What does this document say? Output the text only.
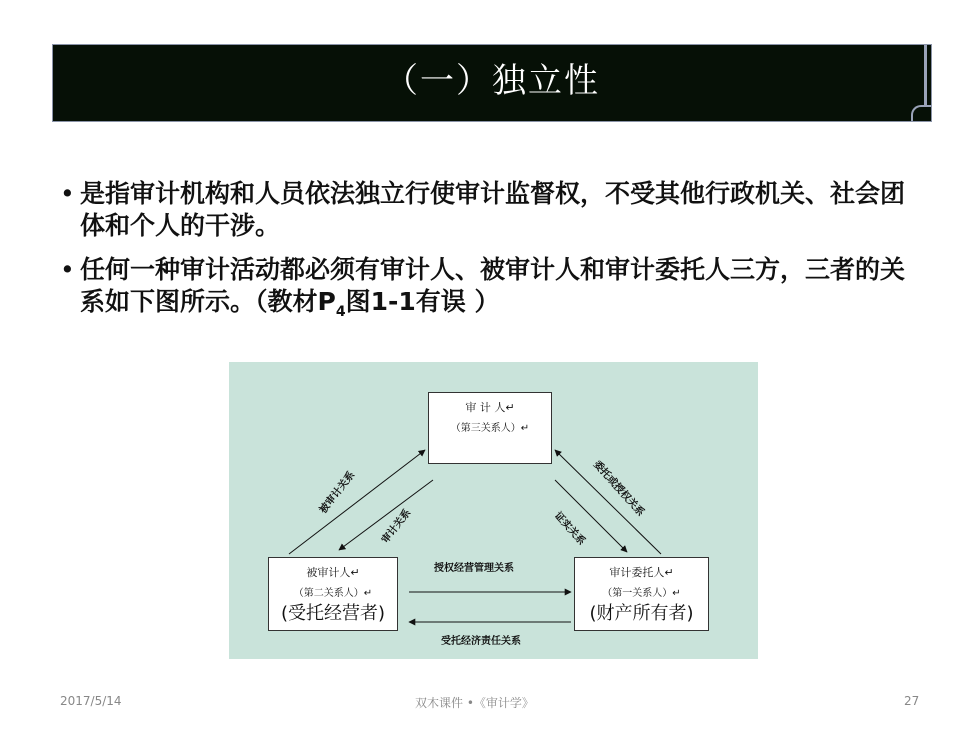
（一）独立性
• 是指审计机构和人员依法独立行使审计监督权，不受其他行政机关、社会团体和个人的干涉。
• 任何一种审计活动都必须有审计人、被审计人和审计委托人三方，三者的关系如下图所示。（教材$P_4$图1-1有误 ）
审 计 人↵
（第三关系人）↵
被审计人↵
（第二关系人）↵
(受托经营者)
审计委托人↵
（第一关系人）↵
(财产所有者)
被审计关系
审计关系
委托或授权关系
证实关系
授权经营管理关系
受托经济责任关系
2017/5/14	双木课件 •《审计学》	27
